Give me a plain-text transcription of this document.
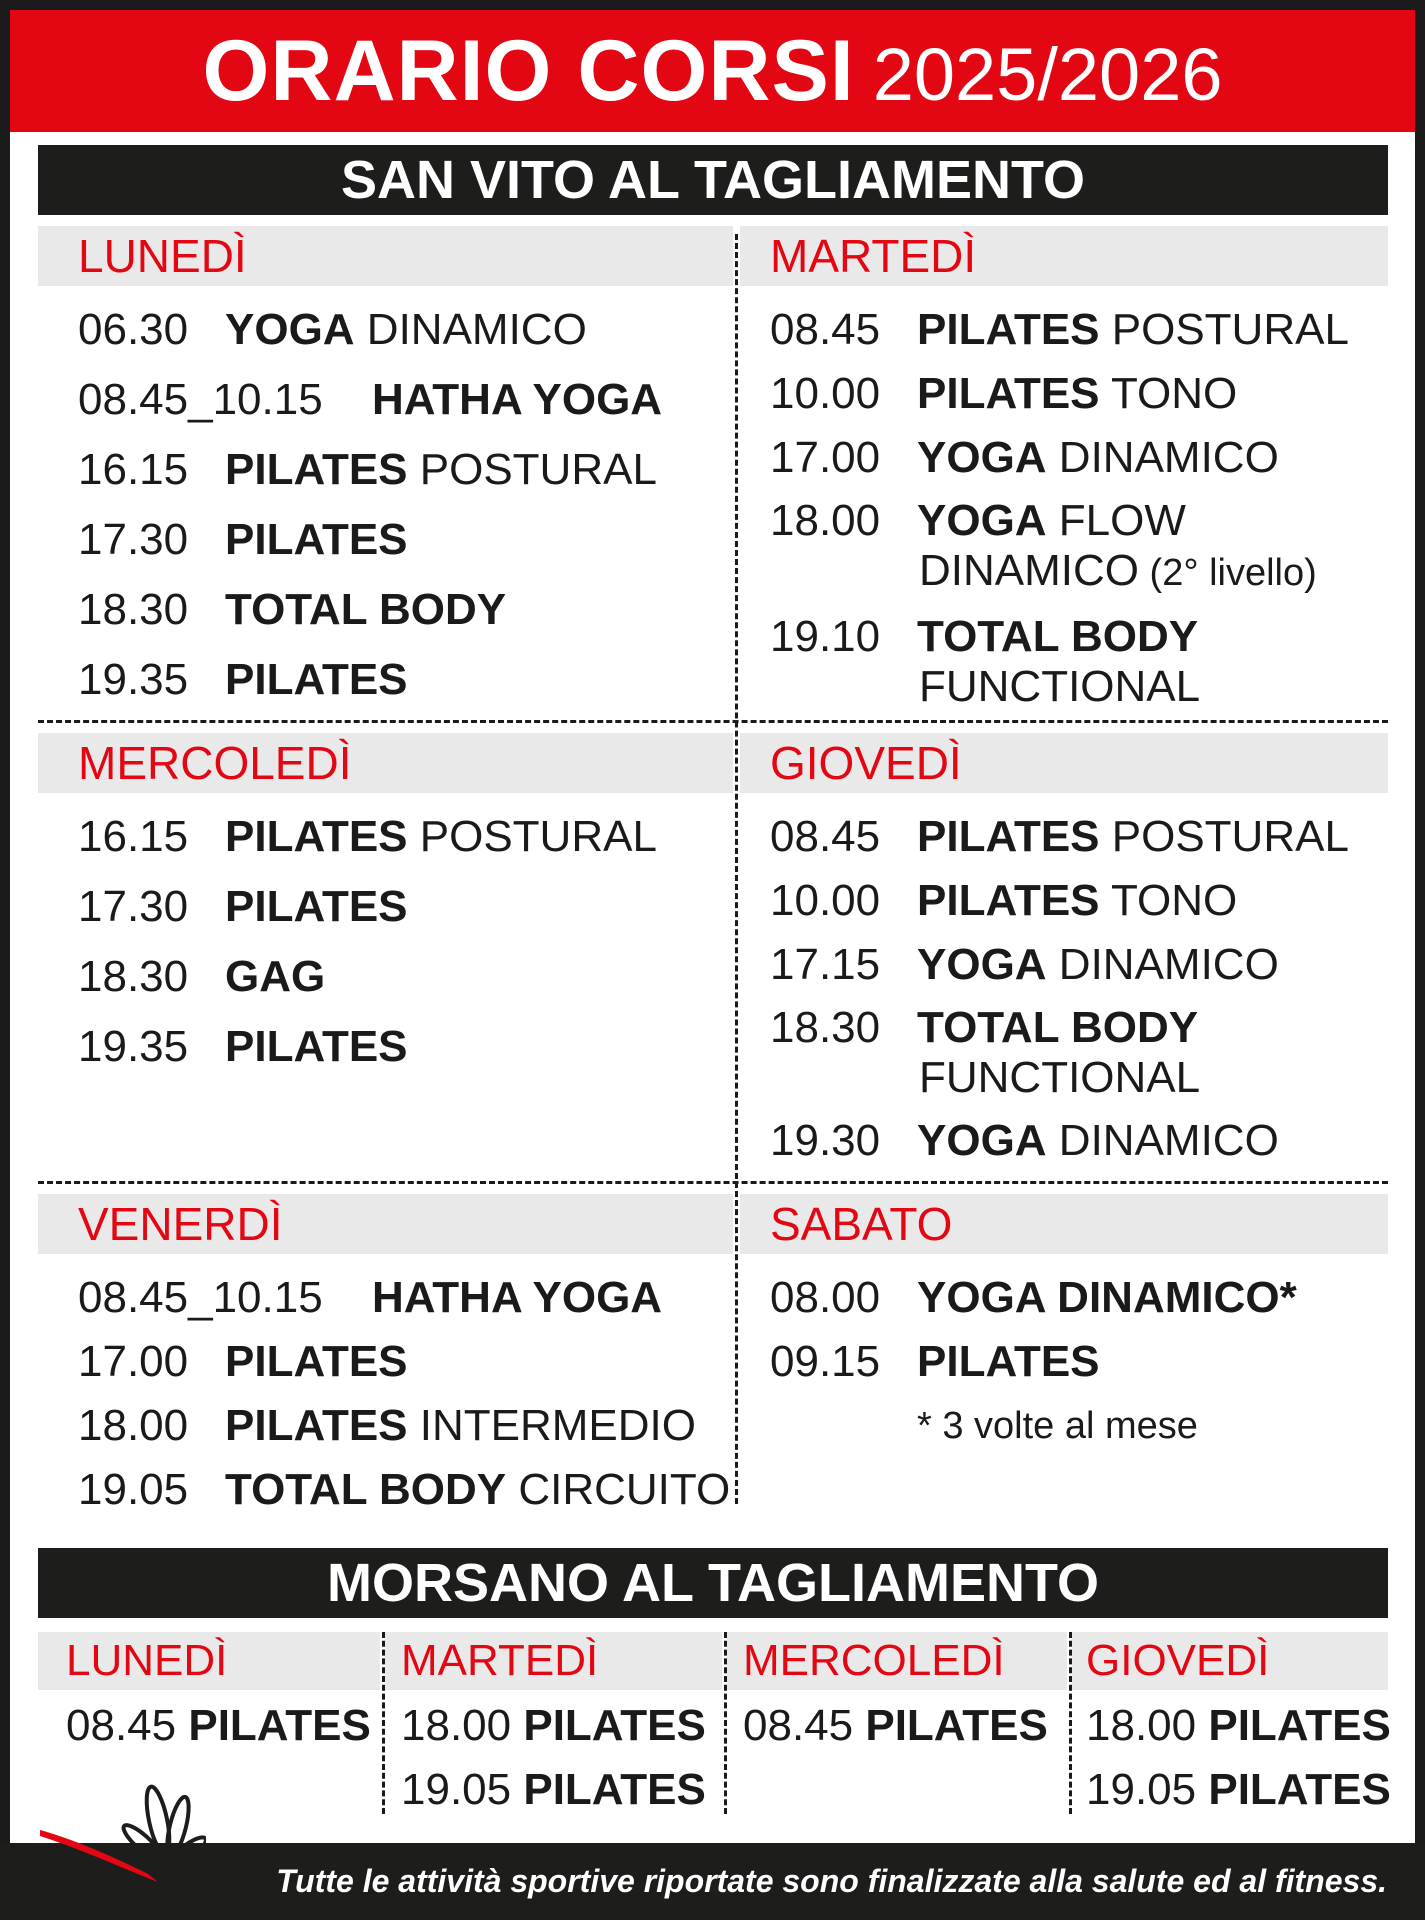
ORARIO CORSI 2025/2026
SAN VITO AL TAGLIAMENTO
LUNEDÌ
06.30 YOGA DINAMICO
08.45_10.15	HATHA YOGA
16.15 PILATES POSTURAL
17.30 PILATES
18.30 TOTAL BODY
19.35 PILATES
MARTEDÌ
08.45 PILATES POSTURAL
10.00 PILATES TONO
17.00 YOGA DINAMICO
18.00 YOGA FLOW
DINAMICO (2° livello)
19.10 TOTAL BODY
FUNCTIONAL
MERCOLEDÌ
16.15 PILATES POSTURAL
17.30 PILATES
18.30 GAG
19.35 PILATES
GIOVEDÌ
08.45 PILATES POSTURAL
10.00 PILATES TONO
17.15 YOGA DINAMICO
18.30 TOTAL BODY
FUNCTIONAL
19.30 YOGA DINAMICO
VENERDÌ
08.45_10.15	HATHA YOGA
17.00 PILATES
18.00 PILATES INTERMEDIO
19.05 TOTAL BODY CIRCUITO
SABATO
08.00 YOGA DINAMICO*
09.15 PILATES
* 3 volte al mese
MORSANO AL TAGLIAMENTO
LUNEDÌ
08.45 PILATES
MARTEDÌ
18.00 PILATES
19.05 PILATES
MERCOLEDÌ
08.45 PILATES
GIOVEDÌ
18.00 PILATES
19.05 PILATES
Tutte le attività sportive riportate sono finalizzate alla salute ed al fitness.
